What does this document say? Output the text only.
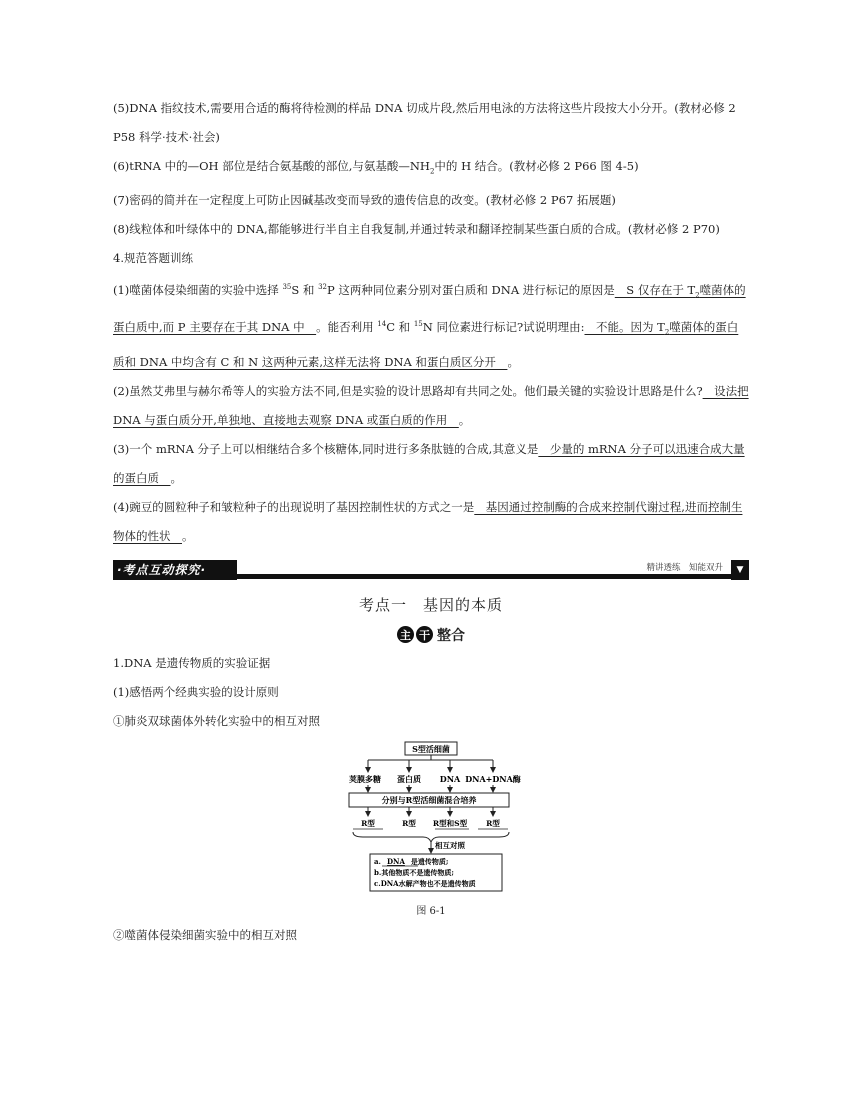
(5)DNA 指纹技术,需要用合适的酶将待检测的样品 DNA 切成片段,然后用电泳的方法将这些片段按大小分开。(教材必修 2 P58 科学·技术·社会)

(6)tRNA 中的—OH 部位是结合氨基酸的部位,与氨基酸$—NH_2$中的 H 结合。(教材必修 2 P66 图 4-5)

(7)密码的简并在一定程度上可防止因碱基改变而导致的遗传信息的改变。(教材必修 2 P67 拓展题)

(8)线粒体和叶绿体中的 DNA,都能够进行半自主自我复制,并通过转录和翻译控制某些蛋白质的合成。(教材必修 2 P70)

4.规范答题训练

(1)噬菌体侵染细菌的实验中选择 $^{35}$S 和 $^{32}$P 这两种同位素分别对蛋白质和 DNA 进行标记的原因是　S 仅存在于 $T_2$噬菌体的蛋白质中,而 P 主要存在于其 DNA 中　。能否利用 $^{14}$C 和 $^{15}$N 同位素进行标记?试说明理由:　不能。因为 $T_2$噬菌体的蛋白质和 DNA 中均含有 C 和 N 这两种元素,这样无法将 DNA 和蛋白质区分开　。

(2)虽然艾弗里与赫尔希等人的实验方法不同,但是实验的设计思路却有共同之处。他们最关键的实验设计思路是什么?　设法把 DNA 与蛋白质分开,单独地、直接地去观察 DNA 或蛋白质的作用　。

(3)一个 mRNA 分子上可以相继结合多个核糖体,同时进行多条肽链的合成,其意义是　少量的 mRNA 分子可以迅速合成大量的蛋白质　。

(4)豌豆的圆粒种子和皱粒种子的出现说明了基因控制性状的方式之一是　基因通过控制酶的合成来控制代谢过程,进而控制生物体的性状　。

·考点互动探究·	精讲透练　知能双升	▼
考点一　基因的本质
主 干 整合

1.DNA 是遗传物质的实验证据

(1)感悟两个经典实验的设计原则

①肺炎双球菌体外转化实验中的相互对照

S型活细菌
荚膜多糖 蛋白质 DNA DNA+DNA酶
分别与R型活细菌混合培养
R型	R型 R型和S型	R型
相互对照
a. DNA 是遗传物质;
b.其他物质不是遗传物质;
c.DNA水解产物也不是遗传物质
图 6-1

②噬菌体侵染细菌实验中的相互对照
